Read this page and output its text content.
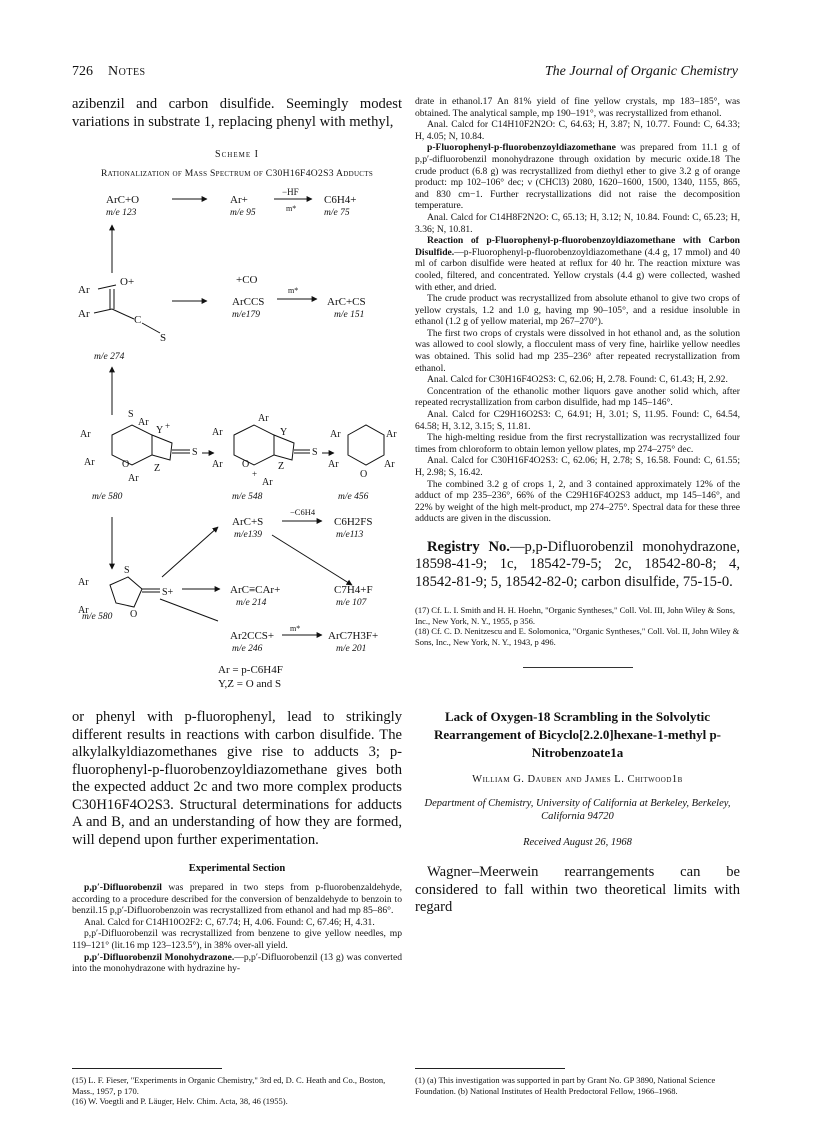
726 Notes	The Journal of Organic Chemistry

azibenzil and carbon disulfide. Seemingly modest variations in substrate 1, replacing phenyl with methyl,

Scheme I
Rationalization of Mass Spectrum of C30H16F4O2S3 Adducts
ArC+O
m/e 123
Ar+
m/e 95
−HF
m*
C6H4+
m/e 75
Ar
O+
Ar	C
S
m/e 274
+CO
ArCCS
m/e179
m*
ArC+CS
m/e 151
Ar
S
Ar
Y +
S
Ar	O Z
Ar
m/e 580
Ar
Ar
Y
S
Ar O	Z
+
Ar
m/e 548
Ar	Ar
Ar
O
Ar
m/e 456
ArC+S
m/e139
−C6H4
C6H2FS
m/e113
Ar
S
S+
O
Ar
ArC≡CAr+
m/e 214
C7H4+F
m/e 107
m/e 580
Ar2CCS+
m/e 246
m*
ArC7H3F+
m/e 201
Ar = p-C6H4F
Y,Z = O and S

or phenyl with p-fluorophenyl, lead to strikingly different results in reactions with carbon disulfide. The alkylalkyldiazomethanes give rise to adducts 3; p-fluorophenyl-p-fluorobenzoyldiazomethane gives both the expected adduct 2c and two more complex products C30H16F4O2S3. Structural determinations for adducts A and B, and an understanding of how they are formed, will depend upon further experimentation.

Experimental Section

p,p′-Difluorobenzil was prepared in two steps from p-fluorobenzaldehyde, according to a procedure described for the conversion of benzaldehyde to benzoin to benzil.15 p,p′-Difluorobenzoin was recrystallized from ethanol and had mp 85–86°.

Anal. Calcd for C14H10O2F2: C, 67.74; H, 4.06. Found: C, 67.46; H, 4.31.

p,p′-Difluorobenzil was recrystallized from benzene to give yellow needles, mp 119–121° (lit.16 mp 123–123.5°), in 38% over-all yield.

p,p′-Difluorobenzil Monohydrazone.—p,p′-Difluorobenzil (13 g) was converted into the monohydrazone with hydrazine hy-

(15) L. F. Fieser, "Experiments in Organic Chemistry," 3rd ed, D. C. Heath and Co., Boston, Mass., 1957, p 170.

(16) W. Voegtli and P. Läuger, Helv. Chim. Acta, 38, 46 (1955).

drate in ethanol.17 An 81% yield of fine yellow crystals, mp 183–185°, was obtained. The analytical sample, mp 190–191°, was recrystallized from ethanol.

Anal. Calcd for C14H10F2N2O: C, 64.63; H, 3.87; N, 10.77. Found: C, 64.33; H, 4.05; N, 10.84.

p-Fluorophenyl-p-fluorobenzoyldiazomethane was prepared from 11.1 g of p,p′-difluorobenzil monohydrazone through oxidation by mecuric oxide.18 The crude product (6.8 g) was recrystallized from diethyl ether to give 3.2 g of orange product: mp 102–106° dec; ν (CHCl3) 2080, 1620–1600, 1500, 1340, 1155, 865, and 830 cm−1. Further recrystallizations did not raise the decomposition temperature.

Anal. Calcd for C14H8F2N2O: C, 65.13; H, 3.12; N, 10.84. Found: C, 65.23; H, 3.36; N, 10.81.

Reaction of p-Fluorophenyl-p-fluorobenzoyldiazomethane with Carbon Disulfide.—p-Fluorophenyl-p-fluorobenzoyldiazomethane (4.4 g, 17 mmol) and 40 ml of carbon disulfide were heated at reflux for 40 hr. The reaction mixture was cooled, filtered, and concentrated. Yellow crystals (4.4 g) were collected, washed with ether, and dried.

The crude product was recrystallized from absolute ethanol to give two crops of yellow crystals, 1.2 and 1.0 g, having mp 90–105°, and a residue insoluble in ethanol (1.2 g of yellow material, mp 267–270°).

The first two crops of crystals were dissolved in hot ethanol and, as the solution was allowed to cool slowly, a flocculent mass of very fine, hairlike yellow needles was obtained. This solid had mp 235–236° after repeated recrystallization from ethanol.

Anal. Calcd for C30H16F4O2S3: C, 62.06; H, 2.78. Found: C, 61.43; H, 2.92.

Concentration of the ethanolic mother liquors gave another solid which, after repeated recrystallization from carbon disulfide, had mp 145–146°.

Anal. Calcd for C29H16O2S3: C, 64.91; H, 3.01; S, 11.95. Found: C, 64.54, 64.58; H, 3.12, 3.15; S, 11.81.

The high-melting residue from the first recrystallization was recrystallized four times from chloroform to obtain lemon yellow plates, mp 274–275° dec.

Anal. Calcd for C30H16F4O2S3: C, 62.06; H, 2.78; S, 16.58. Found: C, 61.55; H, 2.98; S, 16.42.

The combined 3.2 g of crops 1, 2, and 3 contained approximately 12% of the adduct of mp 235–236°, 66% of the C29H16F4O2S3 adduct, mp 145–146°, and 22% by weight of the high melt-product, mp 274–275°. Spectral data for these three adducts are given in the discussion.

Registry No.—p,p-Difluorobenzil monohydrazone, 18598-41-9; 1c, 18542-79-5; 2c, 18542-80-8; 4, 18542-81-9; 5, 18542-82-0; carbon disulfide, 75-15-0.

(17) Cf. L. I. Smith and H. H. Hoehn, "Organic Syntheses," Coll. Vol. III, John Wiley & Sons, Inc., New York, N. Y., 1955, p 356.

(18) Cf. C. D. Nenitzescu and E. Solomonica, "Organic Syntheses," Coll. Vol. II, John Wiley & Sons, Inc., New York, N. Y., 1943, p 496.

Lack of Oxygen-18 Scrambling in the Solvolytic Rearrangement of Bicyclo[2.2.0]hexane-1-methyl p-Nitrobenzoate1a
William G. Dauben and James L. Chitwood1b
Department of Chemistry, University of California at Berkeley, Berkeley, California 94720
Received August 26, 1968

Wagner–Meerwein rearrangements can be considered to fall within two theoretical limits with regard

(1) (a) This investigation was supported in part by Grant No. GP 3890, National Science Foundation. (b) National Institutes of Health Predoctoral Fellow, 1966–1968.
